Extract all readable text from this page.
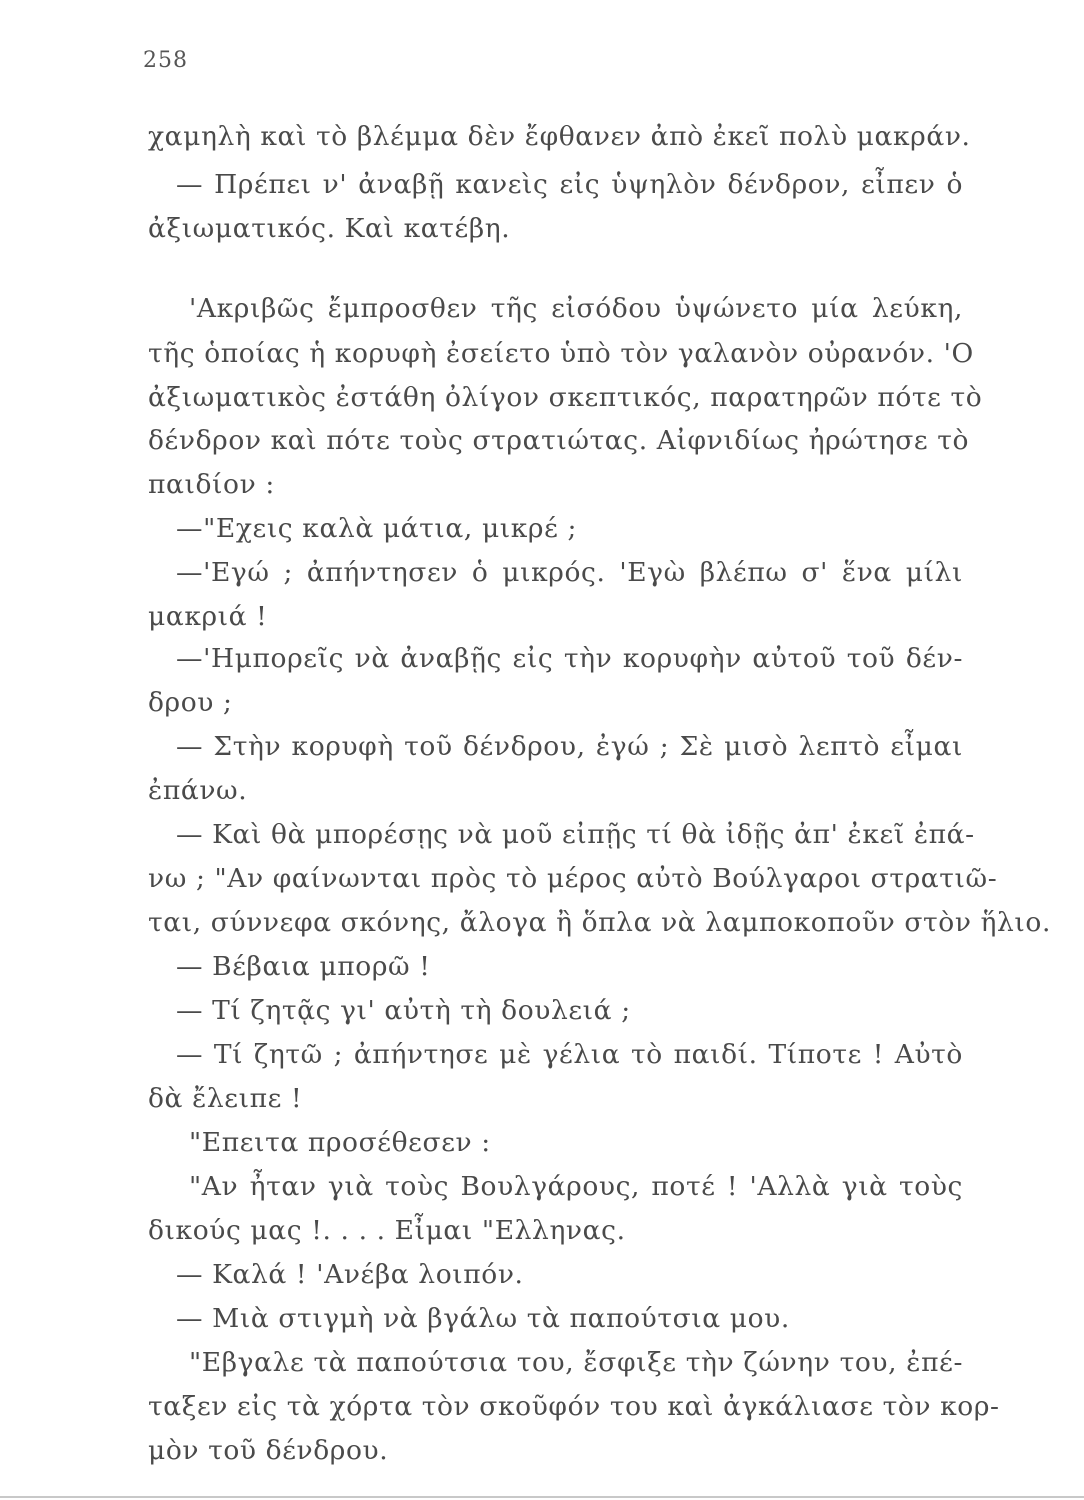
258
χαμηλὴ καὶ τὸ βλέμμα δὲν ἔφθανεν ἀπὸ ἐκεῖ πολὺ μακράν.
— Πρέπει ν' ἀναβῇ κανεὶς εἰς ὑψηλὸν δένδρον, εἶπεν ὁ
ἀξιωματικός. Καὶ κατέβη.
'Ακριβῶς ἔμπροσθεν τῆς εἰσόδου ὑψώνετο μία λεύκη,
τῆς ὁποίας ἡ κορυφὴ ἐσείετο ὑπὸ τὸν γαλανὸν οὐρανόν. 'Ο
ἀξιωματικὸς ἐστάθη ὀλίγον σκεπτικός, παρατηρῶν πότε τὸ
δένδρον καὶ πότε τοὺς στρατιώτας. Αἰφνιδίως ἠρώτησε τὸ
παιδίον :
—"Εχεις καλὰ μάτια, μικρέ ;
—'Εγώ ; ἀπήντησεν ὁ μικρός. 'Εγὼ βλέπω σ' ἕνα μίλι
μακριά !
—'Ημπορεῖς νὰ ἀναβῇς εἰς τὴν κορυφὴν αὐτοῦ τοῦ δέν-
δρου ;
— Στὴν κορυφὴ τοῦ δένδρου, ἐγώ ; Σὲ μισὸ λεπτὸ εἶμαι
ἐπάνω.
— Καὶ θὰ μπορέσῃς νὰ μοῦ εἰπῇς τί θὰ ἰδῇς ἀπ' ἐκεῖ ἐπά-
νω ; "Αν φαίνωνται πρὸς τὸ μέρος αὐτὸ Βούλγαροι στρατιῶ-
ται, σύννεφα σκόνης, ἄλογα ἢ ὅπλα νὰ λαμποκοποῦν στὸν ἥλιο.
— Βέβαια μπορῶ !
— Τί ζητᾷς γι' αὐτὴ τὴ δουλειά ;
— Τί ζητῶ ; ἀπήντησε μὲ γέλια τὸ παιδί. Τίποτε ! Αὐτὸ
δὰ ἔλειπε !
"Επειτα προσέθεσεν :
"Αν ἦταν γιὰ τοὺς Βουλγάρους, ποτέ ! 'Αλλὰ γιὰ τοὺς
δικούς μας !. . . . Εἶμαι "Ελληνας.
— Καλά ! 'Ανέβα λοιπόν.
— Μιὰ στιγμὴ νὰ βγάλω τὰ παπούτσια μου.
"Εβγαλε τὰ παπούτσια του, ἔσφιξε τὴν ζώνην του, ἐπέ-
ταξεν εἰς τὰ χόρτα τὸν σκοῦφόν του καὶ ἀγκάλιασε τὸν κορ-
μὸν τοῦ δένδρου.
